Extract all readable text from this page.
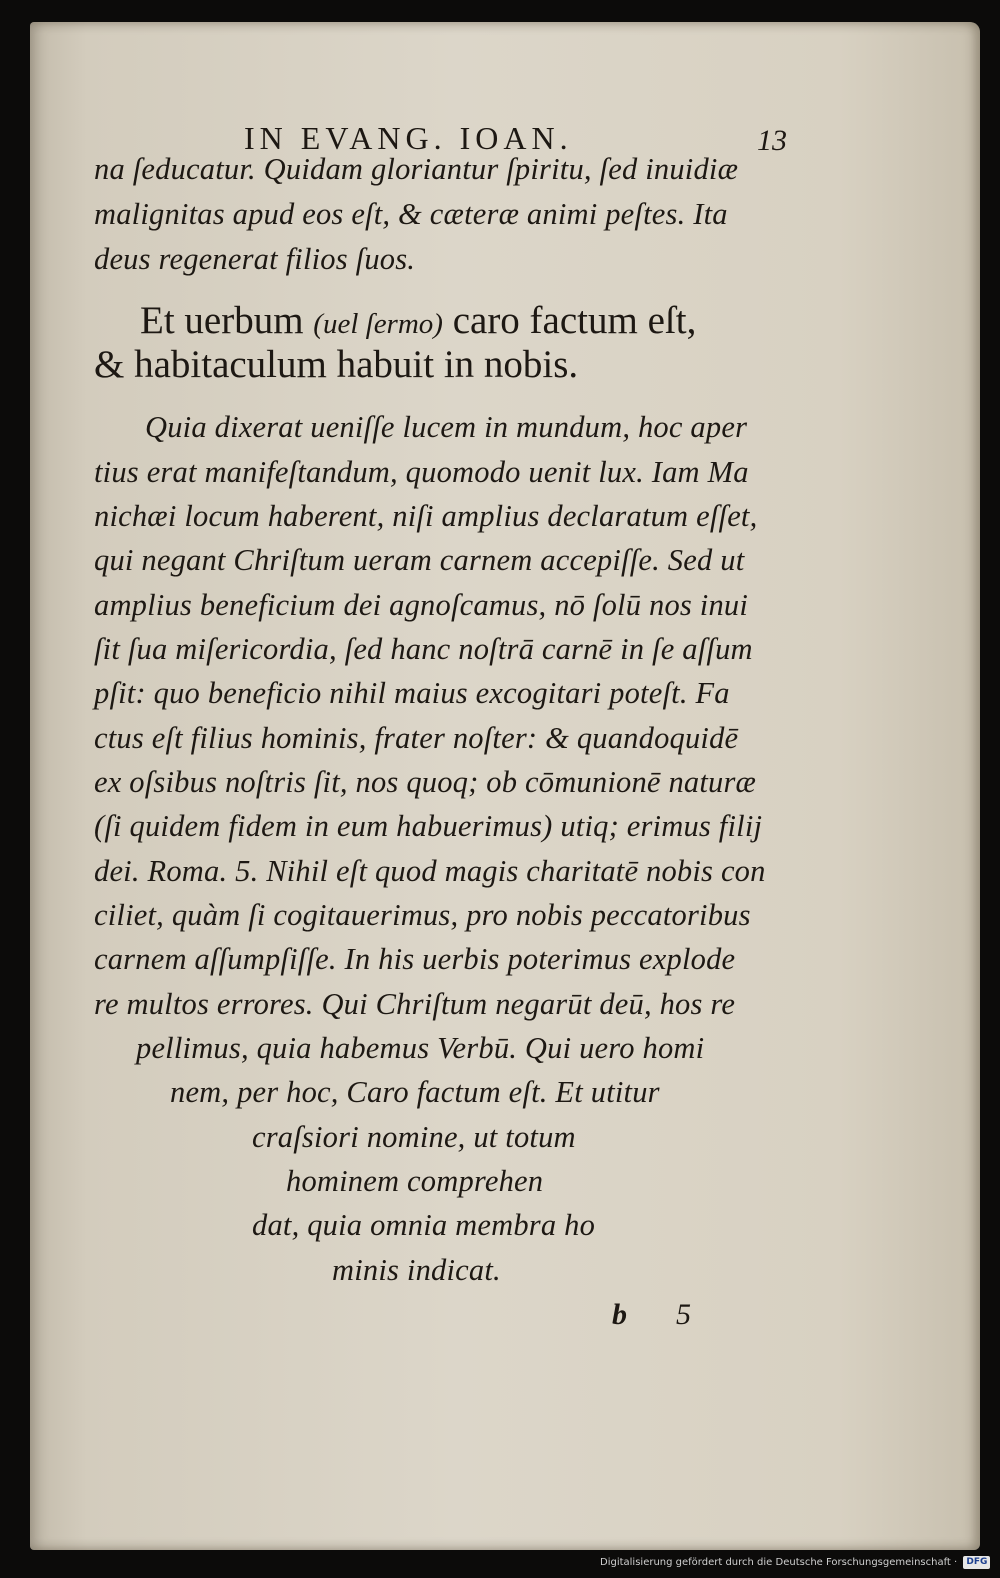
IN EVANG. IOAN.	13
na ſeducatur. Quidam gloriantur ſpiritu, ſed inuidiæ
malignitas apud eos eſt, & cæteræ animi peſtes. Ita
deus regenerat filios ſuos.
Et uerbum (uel ſermo) caro factum eſt,
& habitaculum habuit in nobis.
Quia dixerat ueniſſe lucem in mundum, hoc aper
tius erat manifeſtandum, quomodo uenit lux. Iam Ma
nichæi locum haberent, niſi amplius declaratum eſſet,
qui negant Chriſtum ueram carnem accepiſſe. Sed ut
amplius beneficium dei agnoſcamus, nō ſolū nos inui
ſit ſua miſericordia, ſed hanc noſtrā carnē in ſe aſſum
pſit: quo beneficio nihil maius excogitari poteſt. Fa
ctus eſt filius hominis, frater noſter: & quandoquidē
ex oſsibus noſtris ſit, nos quoq; ob cōmunionē naturæ
(ſi quidem fidem in eum habuerimus) utiq; erimus filij
dei. Roma. 5. Nihil eſt quod magis charitatē nobis con
ciliet, quàm ſi cogitauerimus, pro nobis peccatoribus
carnem aſſumpſiſſe. In his uerbis poterimus explode
re multos errores. Qui Chriſtum negarūt deū, hos re
pellimus, quia habemus Verbū. Qui uero homi
nem, per hoc, Caro factum eſt. Et utitur
craſsiori nomine, ut totum
hominem comprehen
dat, quia omnia membra ho
minis indicat.
b 5
Digitalisierung gefördert durch die Deutsche Forschungsgemeinschaft · DFG
